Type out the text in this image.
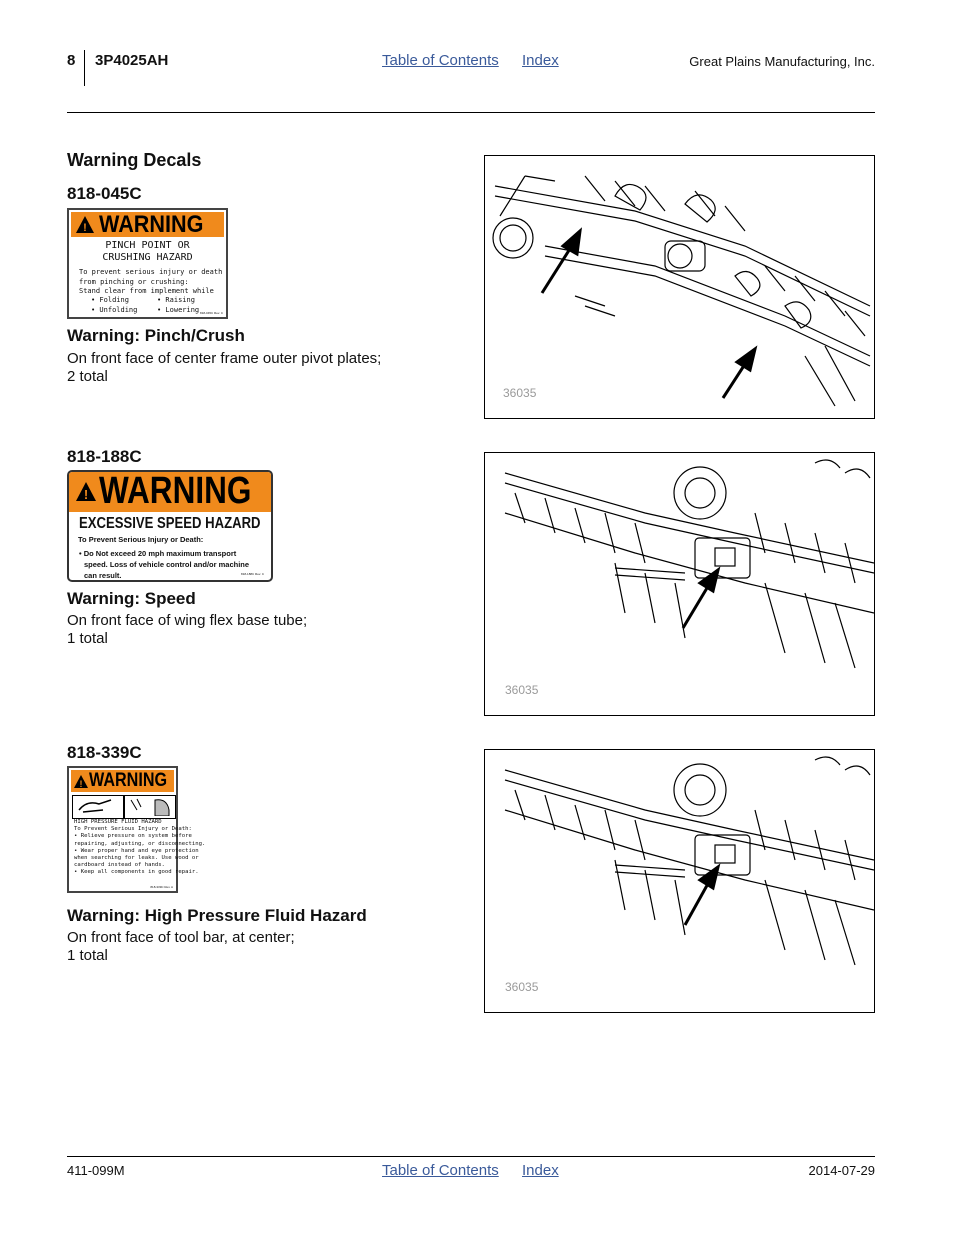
8 3P4025AH	Table of Contents Index	Great Plains Manufacturing, Inc.
Warning Decals
818-045C
! WARNING
PINCH POINT OR
CRUSHING HAZARD
To prevent serious injury or death
from pinching or crushing:
Stand clear from implement while
• Folding
• Unfolding
• Raising
• Lowering 818-045C Rev. C
Warning: Pinch/Crush
On front face of center frame outer pivot plates;
2 total
36035
818-188C
! WARNING
EXCESSIVE SPEED HAZARD
To Prevent Serious Injury or Death:
• Do Not exceed 20 mph maximum transport
speed. Loss of vehicle control and/or machine
can result.	818-188C Rev. C
Warning: Speed
On front face of wing flex base tube;
1 total
36035
818-339C
! WARNING
HIGH PRESSURE FLUID HAZARD
To Prevent Serious Injury or Death:
• Relieve pressure on system before
repairing, adjusting, or disconnecting.
• Wear proper hand and eye protection
when searching for leaks. Use wood or
cardboard instead of hands.
• Keep all components in good repair.
818-339C Rev. A
Warning: High Pressure Fluid Hazard
On front face of tool bar, at center;
1 total
36035
411-099M	Table of Contents Index	2014-07-29
